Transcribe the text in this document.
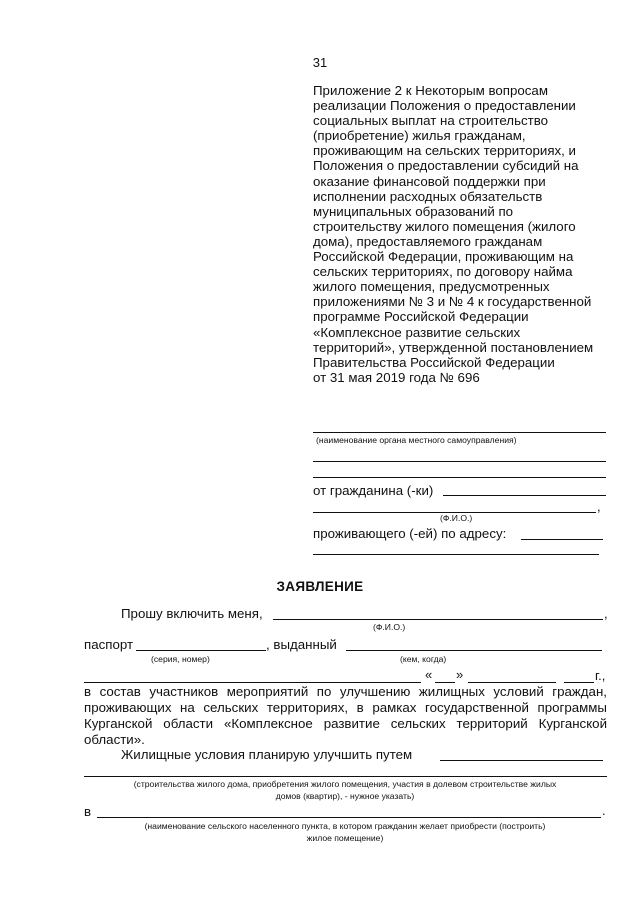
31
Приложение 2 к Некоторым вопросам
реализации Положения о предоставлении
социальных выплат на строительство
(приобретение) жилья гражданам,
проживающим на сельских территориях, и
Положения о предоставлении субсидий на
оказание финансовой поддержки при
исполнении расходных обязательств
муниципальных образований по
строительству жилого помещения (жилого
дома), предоставляемого гражданам
Российской Федерации, проживающим на
сельских территориях, по договору найма
жилого помещения, предусмотренных
приложениями № 3 и № 4 к государственной
программе Российской Федерации
«Комплексное развитие сельских
территорий», утвержденной постановлением
Правительства Российской Федерации
от 31 мая 2019 года № 696
(наименование органа местного самоуправления)
от гражданина (-ки)
,
(Ф.И.О.)
проживающего (-ей) по адресу:
ЗАЯВЛЕНИЕ
Прошу включить меня,	,
(Ф.И.О.)
паспорт	, выданный
(серия, номер)	(кем, когда)
« »	г.,
в состав участников мероприятий по улучшению жилищных условий граждан, проживающих на сельских территориях, в рамках государственной программы Курганской области «Комплексное развитие сельских территорий Курганской области».
Жилищные условия планирую улучшить путем
(строительства жилого дома, приобретения жилого помещения, участия в долевом строительстве жилых
домов (квартир), - нужное указать)
в	.
(наименование сельского населенного пункта, в котором гражданин желает приобрести (построить)
жилое помещение)
